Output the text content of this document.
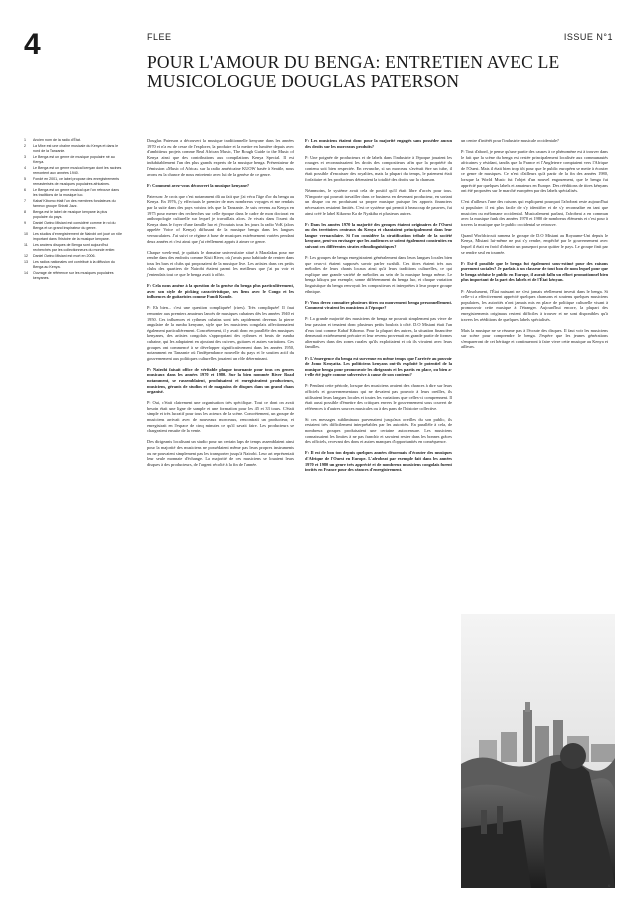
4	FLEE	ISSUE N°1
POUR L'AMOUR DU BENGA: ENTRETIEN AVEC LE MUSICOLOGUE DOUGLAS PATERSON
1 Ancien nom de la radio d'État.
2 La Mixe est une chaîne musicale du Kenya et dans le nord de la Tanzanie.
3 Le Benga est un genre de musique populaire né au Kenya.
4 Le Benga est un genre musical kenyan dont les racines remontent aux années 1940.
5 Fondé en 2001, ce label propose des enregistrements remasterisés de musiques populaires africaines.
6 Le Benga est un genre musical que l'on retrouve dans les traditions de la musique luo.
7 Kabaf Kibomo était l'un des membres fondateurs du fameux groupe Shirati Jazz.
8 Benga est le label de musique kenyane la plus populaire du pays.
9 Daniel Owino Misiani est considéré comme le roi du Benga et un grand inspirateur du genre.
10 Les studios d'enregistrement de Nairobi ont joué un rôle important dans l'histoire de la musique kenyane.
11 Les anciens disques de Benga sont aujourd'hui recherchés par les collectionneurs du monde entier.
12 Daniel Owino Misiani est mort en 2006.
13 Les radios nationales ont contribué à la diffusion du Benga au Kenya.
14 Ouvrage de référence sur les musiques populaires kenyanes.

Douglas Paterson a découvert la musique traditionnelle kenyane dans les années 1970 et n'a eu de cesse de l'explorer, la produire et la mettre en lumière depuis avec d'ambitieux projets comme Real African Music, The Rough Guide to the Music of Kenya ainsi que des contributions aux compilations Kenya Special. Il est indubitablement l'un des plus grands experts de la musique benga. Présentateur de l'émission «Music of Africa» sur la radio américaine KUOW basée à Seattle, nous avons eu la chance de nous entretenir avec lui de la genèse de ce genre.

F: Comment avez-vous découvert la musique kenyane?

Paterson: Je crois que c'est notamment dû au fait que j'ai vécu l'âge d'or du benga au Kenya. En 1976, j'y effectuais le premier de mes nombreux voyages et me rendais par la suite dans des pays voisins tels que la Tanzanie. Je suis revenu au Kenya en 1975 pour mener des recherches sur celle époque dans le cadre de mon doctorat en anthropologie culturelle sur lequel je travaillais alors. Je vivais dans l'ouest du Kenya dans le foyer d'une famille luo et j'écoutais tous les jours la radio VoK (alors appelée Voice of Kenya) diffusant de la musique benga dans les langues vernaculaires. J'ai suivi ce régime à base de musiques extrêmement variées pendant deux années et c'est ainsi que j'ai réellement appris à aimer ce genre.

Chaque week-end, je quittais le domaine universitaire situé à Maralakas pour me rendre dans des endroits comme Kisii River, où j'avais pour habitude de rentrer dans tous les bars et clubs qui proposaient de la musique live. Les artistes dans ces petits clubs des quartiers de Nairobi étaient parmi les meilleurs que j'ai pu voir et j'entendais tout ce que le benga avait à offrir.

F: Cela nous amène à la question de la genèse du benga plus particulièrement, avec son style de picking caractéristique, ses liens avec le Congo et les influences de guitaristes comme Fundi Konde.

P: Eh bien... c'est une question compliquée! (rires). Très compliquée! Il faut remonter aux premiers amateurs lancés de musiques cubaines dès les années 1940 et 1950. Ces influences et rythmes cubains sont très rapidement devenus la pierre angulaire de la rumba kenyane, style que les musiciens congolais affectionnaient également particulièrement. Concrètement, il y avait donc en parallèle des musiques kenyanes, des artistes congolais s'appropriant des rythmes et beats de rumba cubaine, qui les adaptaient en ajoutant des cuivres, guitares et autres variations. Ces groupes ont commencé à se développer significativement dans les années 1950, notamment en Tanzanie où l'indépendance nouvelle du pays et le soutien actif du gouvernement aux politiques culturelles jouaient un rôle déterminant.

P: Nairobi faisait office de véritable plaque tournante pour tous ces genres musicaux dans les années 1970 et 1980. Sur la bien nommée River Road notamment, se rassemblaient, produisaient et enregistraient producteurs, musiciens, gérants de studios et de magasins de disques dans un grand chaos organisé.

P: Oui, c'était clairement une organisation très spécifique. Tout ce dont on avait besoin était une ligne de sample et une formation pour les 45 et 33 tours. C'était simple et très lucratif pour tous les acteurs de la scène. Concrètement, un groupe de musiciens arrivait avec de nouveaux morceaux, rencontrait un producteur, et enregistrait en l'espace de cinq minutes ce qu'il savait faire. Les producteurs se chargeaient ensuite de la vente.

Des dirigeants localisant un studio pour un certain laps de temps assemblaient ainsi pour la majorité des musiciens ne possédaient même pas leurs propres instruments ou ne pouvaient simplement pas les transporter jusqu'à Nairobi. Leur art représentait leur seule monnaie d'échange. La majorité de ces musiciens se louaient leurs disques à des producteurs, de l'argent récolté à la fin de l'année.

F: Les musiciens étaient donc pour la majorité engagés sans posséder aucun des droits sur les morceaux produits?

P: Une poignée de producteurs et de labels dans l'industrie à l'époque jouaient les rouages et reconnaissaient les droits des compositeurs afin que la propriété du contenu soit bien respectée. En revanche, si un morceau s'avérait être un tube, il était possible d'encaisser des royalties, mais la plupart du temps, le paiement était forfaitaire et les producteurs détenaient la totalité des droits sur la chanson.

Néanmoins, le système avait cela de positif qu'il était libre d'accès pour tous. N'importe qui pouvait travailler dans ce business en devenant producteur, en sortant un disque ou en produisant sa propre musique puisque les apports financiers nécessaires restaient limités. C'est ce système qui permit à beaucoup de pauvres, fut ainsi créé le label Kikorno Ka de Nyakiba et plusieurs autres.

F: Dans les années 1970 la majorité des groupes étaient originaires de l'Ouest ou des territoires centraux du Kenya et chantaient principalement dans leur langue vernaculaire. Si l'on considère la stratification tribale de la société kenyane, peut-on envisager que les audiences se soient également construites en suivant ces différentes strates ethnolinguistiques?

P: Les groupes de benga enregistraient généralement dans leurs langues locales bien que ceux-ci étaient supposés savoir parler swahili. Ces titres étaient très aux mélodies de leurs chants locaux ainsi qu'à leurs traditions culturelles, ce qui explique une grande variété de mélodies au sein de la musique benga même. Le benga kikuyu par exemple, sonne différemment du benga luo, et chaque variation linguistique du benga renvoyait les compositeurs et interprètes à leur propre groupe ethnique.

F: Vous devez connaître plusieurs titres ou mouvement benga personnellement. Comment vivaient les musiciens à l'époque?

P: La grande majorité des musiciens de benga ne pouvait simplement pas vivre de leur passion et tenaient donc plusieurs petits boulots à côté. D.O Misiani était l'un d'eux tout comme Kabaf Kibomo. Pour la plupart des autres, la situation financière demeurait extrêmement précaire et leur revenu provenait en grande partie de formes alternatives dans des zones rurales qu'ils exploitaient et où ils vivaient avec leurs familles.

F: L'émergence du benga est survenue en même temps que l'arrivée au pouvoir de Jomo Kenyatta. Les politiciens kenyans ont-ils exploité le potentiel de la musique benga pour promouvoir les dirigeants et les partis en place, ou bien a-t-elle été jugée comme subversive à cause de son contenu?

P: Pendant cette période, lorsque des musiciens avaient des chances à dire sur leurs officiels et gouvernementaux qui ne devaient pas pouvoir à leurs oreilles, ils utilisaient leurs langues locales et toutes les variations que celles-ci comprennent. Il était aussi possible d'émettre des critiques envers le gouvernement sous couvert de références à d'autres sources musicales ou à des pans de l'histoire collective.

Si ces messages subliminaux parvenaient jusqu'aux oreilles du son public, ils restaient très difficilement interprétables par les autorités. En parallèle à cela, de nombreux groupes produisaient une certaine autocensure. Les musiciens connaissaient les limites à ne pas franchir et savaient rester dans les bonnes grâces des officiels, recevant des dons et autres manques d'opportunités en conséquence.

F: Il est de bon ton depuis quelques années désormais d'écouter des musiques d'Afrique de l'Ouest en Europe. L'afrobeat par exemple fait dans les années 1970 et 1980 un genre très apprécié et de nombreux musiciens congolais furent invités en France pour des séances d'enregistrement.

un centre d'intérêt pour l'industrie musicale occidentale?

P: Tout d'abord, je pense qu'une partie des causes à ce phénomène est à trouver dans le fait que la scène du benga est restée principalement localisée aux communautés africaines y résidant, tandis que la France et l'Angleterre comptaient vers l'Afrique de l'Ouest. Mais il était bien trop tôt pour que le public européen se mette à écouter ce genre de musiques. Ce n'est d'ailleurs qu'à partir de la fin des années 1980, lorsque la World Music fut l'objet d'un nouvel engouement, que le benga fut apprécié par quelques labels et amateurs en Europe. Des rééditions de titres kényans ont été proposées sur le marché européen par des labels spécialisés.

C'est d'ailleurs l'une des raisons qui expliquent pourquoi l'afrobeat reste aujourd'hui si populaire: il est plus facile de s'y identifier et de s'y reconnaître en tant que musicien ou mélomane occidental. Musicalement parlant, l'afrobeat a en commun avec la musique funk des années 1970 et 1980 de nombreux éléments et c'est pour à travers la musique que le public occidental se retrouve.

Quand Worldcircuit ramena le groupe de D.O Misiani au Royaume-Uni depuis le Kenya, Misiani lui-même ne put s'y rendre, empêché par le gouvernement avec lequel il était en froid d'obtenir un passeport pour quitter le pays. Le groupe finit par se rendre seul en tournée.

F: Est-il possible que le benga fut également sous-estimé pour des raisons purement sociales? Je parlais à un classeur de tout bon de nom lequel pour que le benga séduise le public en Europe, il aurait fallu un effort promotionnel bien plus important de la part des labels et de l'État kényan.

P: Absolument, l'État naissant ne s'est jamais réellement investi dans le benga. Si celle-ci a effectivement apprécié quelques chansons et soutenu quelques musiciens populaires, les autorités n'ont jamais mis en place de politique culturelle visant à promouvoir cette musique à l'étranger. Aujourd'hui encore, la plupart des enregistrements originaux restent difficiles à trouver et ne sont disponibles qu'à travers les rééditions de quelques labels spécialisés.

Mais la musique ne se résume pas à l'écoute des disques. Il faut voir les musiciens sur scène pour comprendre le benga. J'espère que les jeunes générations s'empareront de cet héritage et continueront à faire vivre cette musique au Kenya et ailleurs.

©
